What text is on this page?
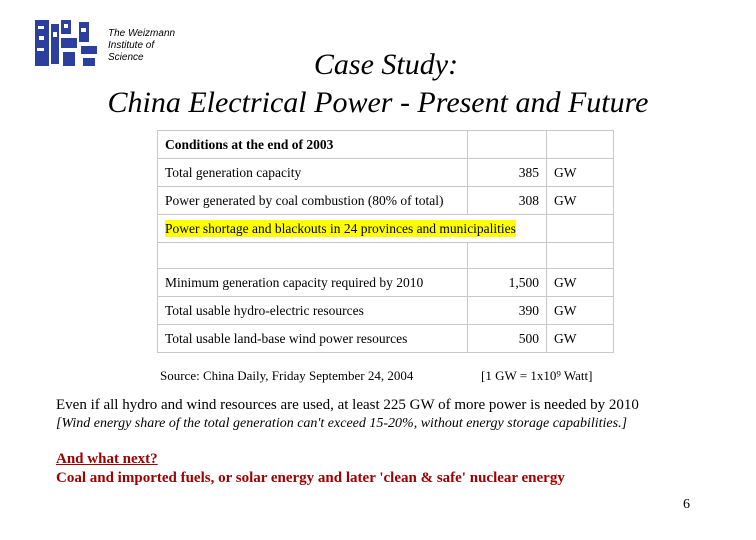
The Weizmann
Institute of
Science	Case Study:
China Electrical Power - Present and Future
Conditions at the end of 2003		
Total generation capacity	385	GW
Power generated by coal combustion (80% of total)	308	GW
Power shortage and blackouts in 24 provinces and municipalities		

Minimum generation capacity required by 2010	1,500	GW
Total usable hydro-electric resources	390	GW
Total usable land-base wind power resources	500	GW
Source: China Daily, Friday September 24, 2004	[1 GW = 1x10⁹ Watt]
Even if all hydro and wind resources are used, at least 225 GW of more power is needed by 2010
[Wind energy share of the total generation can't exceed 15-20%, without energy storage capabilities.]
And what next?
Coal and imported fuels, or solar energy and later 'clean & safe' nuclear energy
6
